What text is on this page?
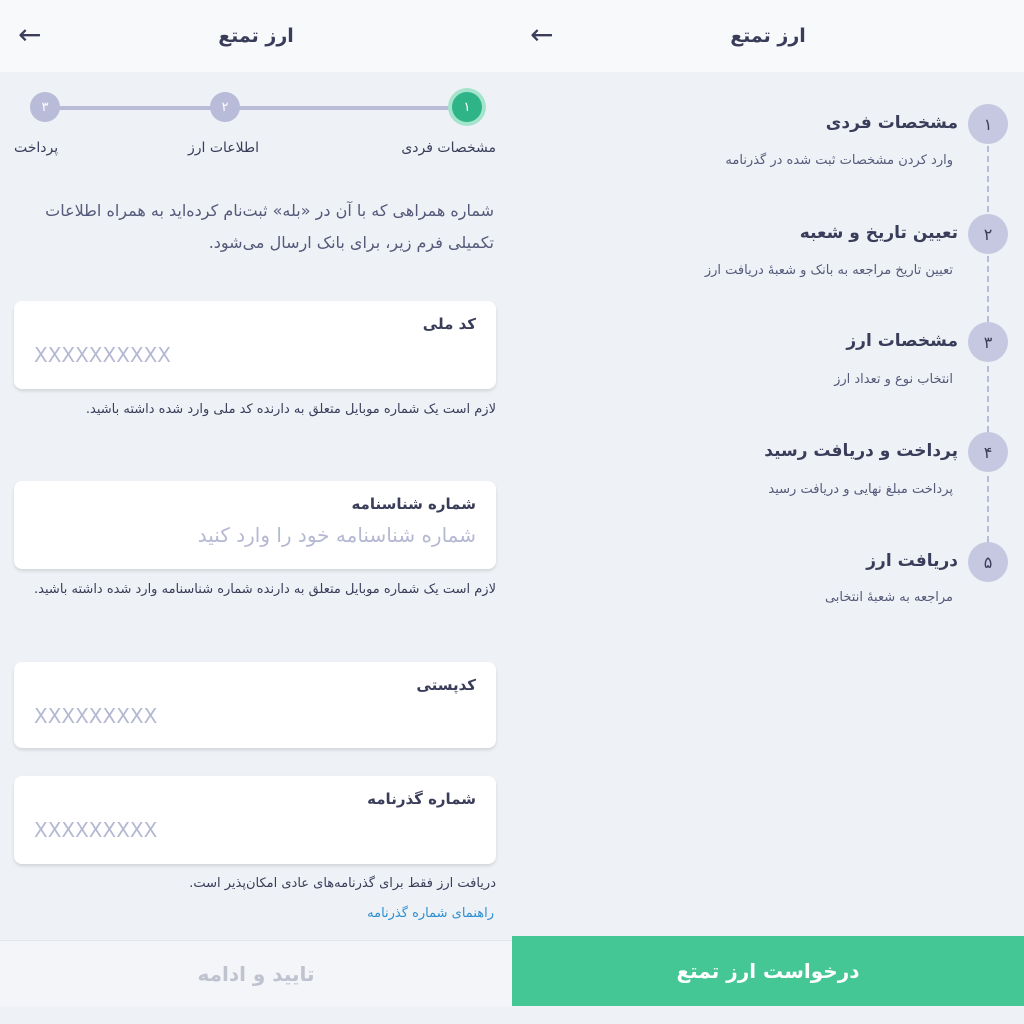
←	ارز تمتع
۱
۲
۳
مشخصات فردی
اطلاعات ارز
پرداخت
شماره همراهی که با آن در «بله» ثبت‌نام کرده‌اید به همراه اطلاعات تکمیلی فرم زیر، برای بانک ارسال می‌شود.
کد ملی
XXXXXXXXXX
لازم است یک شماره موبایل متعلق به دارنده کد ملی وارد شده داشته باشید.
شماره شناسنامه
شماره شناسنامه خود را وارد کنید
لازم است یک شماره موبایل متعلق به دارنده شماره شناسنامه وارد شده داشته باشید.
کدپستی
XXXXXXXXX
شماره گذرنامه
XXXXXXXXX
دریافت ارز فقط برای گذرنامه‌های عادی امکان‌پذیر است.
راهنمای شماره گذرنامه
تایید و ادامه
←	ارز تمتع
۱
مشخصات فردی
وارد کردن مشخصات ثبت شده در گذرنامه
۲
تعیین تاریخ و شعبه
تعیین تاریخ مراجعه به بانک و شعبهٔ دریافت ارز
۳
مشخصات ارز
انتخاب نوع و تعداد ارز
۴
پرداخت و دریافت رسید
پرداخت مبلغ نهایی و دریافت رسید
۵
دریافت ارز
مراجعه به شعبهٔ انتخابی
درخواست ارز تمتع
